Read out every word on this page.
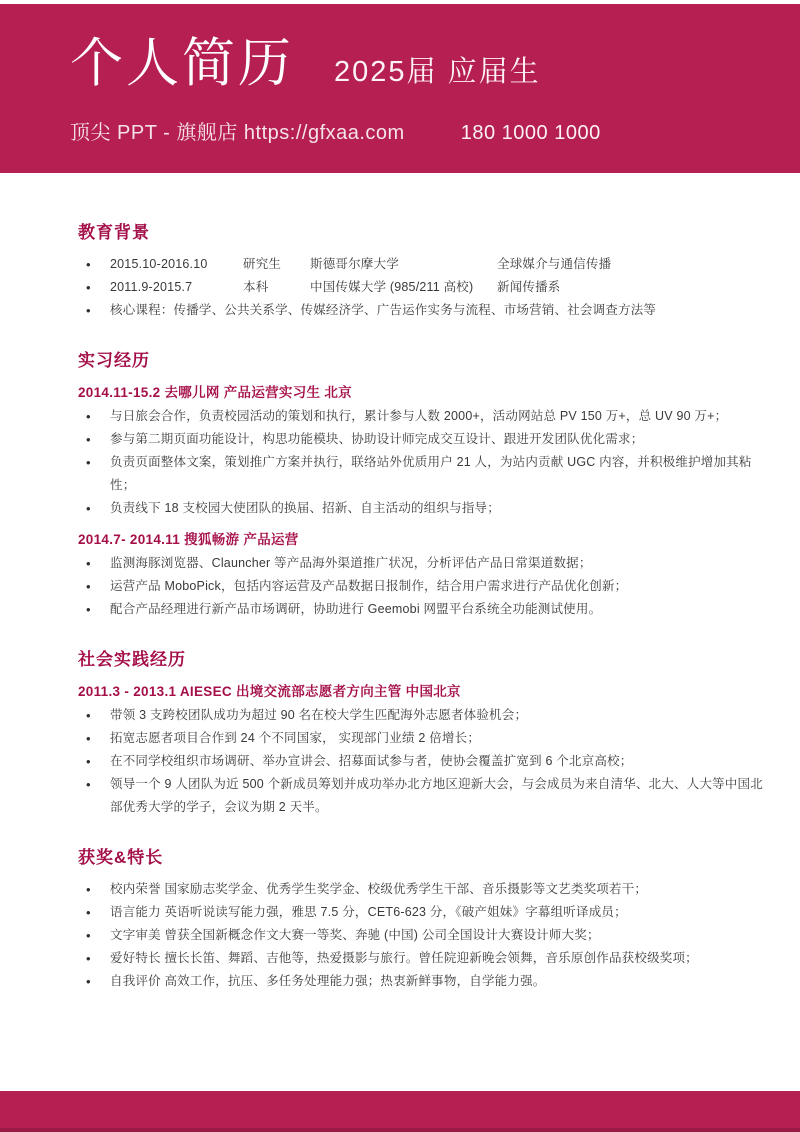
个人简历 2025届 应届生
顶尖 PPT - 旗舰店 https://gfxaa.com	180 1000 1000
教育背景
• 2015.10-2016.10	研究生	斯德哥尔摩大学	全球媒介与通信传播
• 2011.9-2015.7	本科	中国传媒大学 (985/211 高校)	新闻传播系
• 核心课程：传播学、公共关系学、传媒经济学、广告运作实务与流程、市场营销、社会调查方法等
实习经历
2014.11-15.2 去哪儿网 产品运营实习生 北京
• 与日旅会合作，负责校园活动的策划和执行，累计参与人数 2000+，活动网站总 PV 150 万+，总 UV 90 万+；
• 参与第二期页面功能设计，构思功能模块、协助设计师完成交互设计、跟进开发团队优化需求；
• 负责页面整体文案，策划推广方案并执行，联络站外优质用户 21 人，为站内贡献 UGC 内容，并积极维护增加其粘性；
• 负责线下 18 支校园大使团队的换届、招新、自主活动的组织与指导；
2014.7- 2014.11 搜狐畅游 产品运营
• 监测海豚浏览器、Clauncher 等产品海外渠道推广状况，分析评估产品日常渠道数据；
• 运营产品 MoboPick，包括内容运营及产品数据日报制作，结合用户需求进行产品优化创新；
• 配合产品经理进行新产品市场调研，协助进行 Geemobi 网盟平台系统全功能测试使用。
社会实践经历
2011.3 - 2013.1 AIESEC 出境交流部志愿者方向主管 中国北京
• 带领 3 支跨校团队成功为超过 90 名在校大学生匹配海外志愿者体验机会；
• 拓宽志愿者项目合作到 24 个不同国家， 实现部门业绩 2 倍增长；
• 在不同学校组织市场调研、举办宣讲会、招募面试参与者，使协会覆盖扩宽到 6 个北京高校；
• 领导一个 9 人团队为近 500 个新成员筹划并成功举办北方地区迎新大会，与会成员为来自清华、北大、人大等中国北部优秀大学的学子，会议为期 2 天半。
获奖&特长
• 校内荣誉 国家励志奖学金、优秀学生奖学金、校级优秀学生干部、音乐摄影等文艺类奖项若干；
• 语言能力 英语听说读写能力强，雅思 7.5 分，CET6-623 分，《破产姐妹》字幕组听译成员；
• 文字审美 曾获全国新概念作文大赛一等奖、奔驰 (中国) 公司全国设计大赛设计师大奖；
• 爱好特长 擅长长笛、舞蹈、吉他等，热爱摄影与旅行。曾任院迎新晚会领舞，音乐原创作品获校级奖项；
• 自我评价 高效工作，抗压、多任务处理能力强；热衷新鲜事物，自学能力强。
